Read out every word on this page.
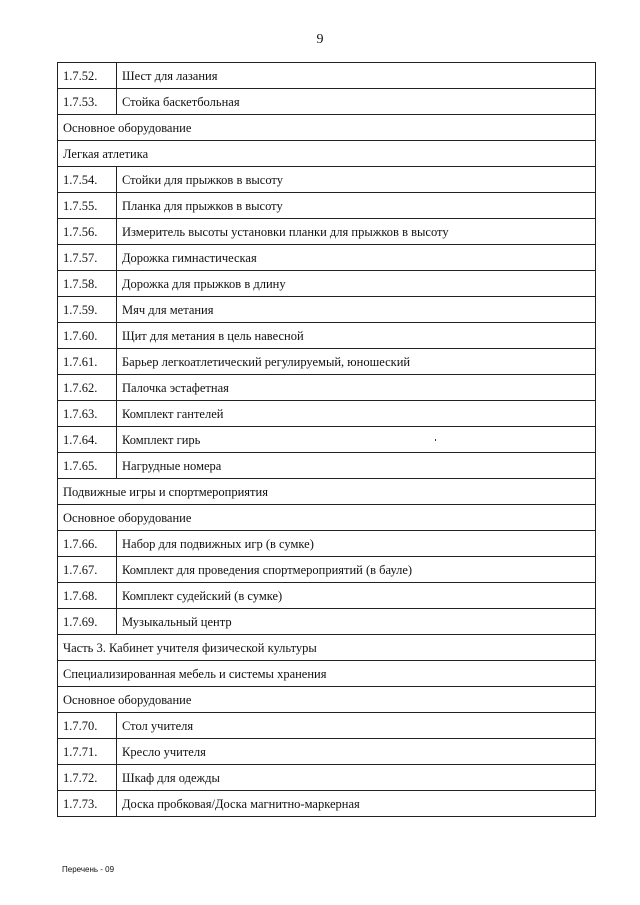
9
1.7.52.	Шест для лазания
1.7.53.	Стойка баскетбольная
Основное оборудование	
Легкая атлетика	
1.7.54.	Стойки для прыжков в высоту
1.7.55.	Планка для прыжков в высоту
1.7.56.	Измеритель высоты установки планки для прыжков в высоту
1.7.57.	Дорожка гимнастическая
1.7.58.	Дорожка для прыжков в длину
1.7.59.	Мяч для метания
1.7.60.	Щит для метания в цель навесной
1.7.61.	Барьер легкоатлетический регулируемый, юношеский
1.7.62.	Палочка эстафетная
1.7.63.	Комплект гантелей
1.7.64.	Комплект гирь
1.7.65.	Нагрудные номера
Подвижные игры и спортмероприятия	
Основное оборудование	
1.7.66.	Набор для подвижных игр (в сумке)
1.7.67.	Комплект для проведения спортмероприятий (в бауле)
1.7.68.	Комплект судейский (в сумке)
1.7.69.	Музыкальный центр
Часть 3. Кабинет учителя физической культуры	
Специализированная мебель и системы хранения	
Основное оборудование	
1.7.70.	Стол учителя
1.7.71.	Кресло учителя
1.7.72.	Шкаф для одежды
1.7.73.	Доска пробковая/Доска магнитно-маркерная
Перечень - 09
